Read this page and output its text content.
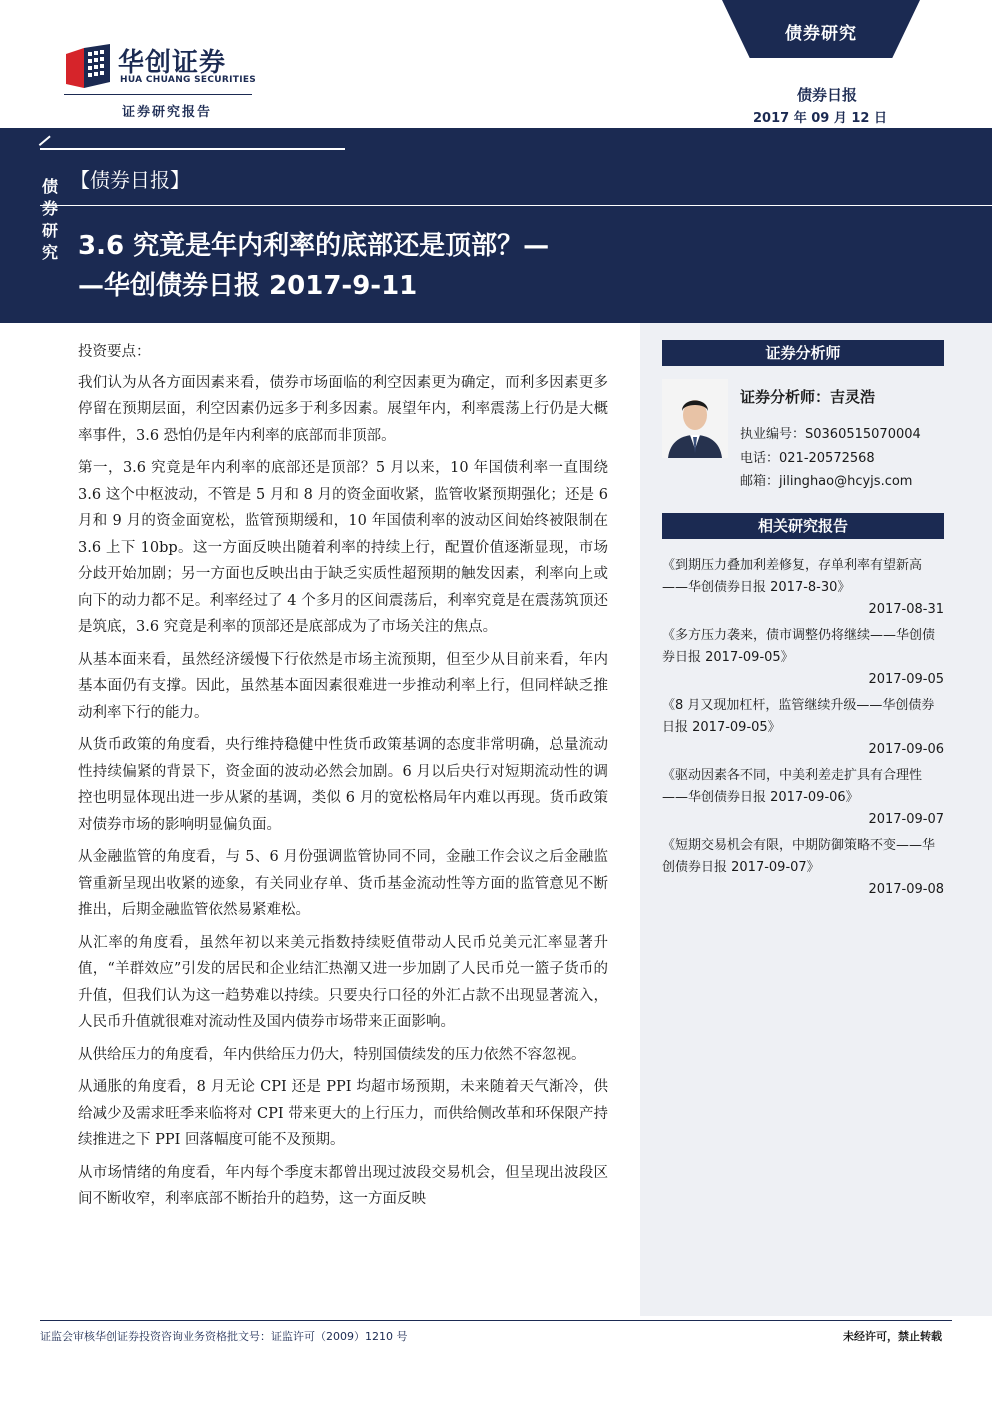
华创证券
HUA CHUANG SECURITIES
证券研究报告
债券研究
债券日报
2017 年 09 月 12 日
债券研究
【债券日报】
3.6 究竟是年内利率的底部还是顶部？—
—华创债券日报 2017-9-11
证券分析师
证券分析师：吉灵浩
执业编号：S0360515070004
电话：021-20572568
邮箱：jilinghao@hcyjs.com
相关研究报告
《到期压力叠加利差修复，存单利率有望新高——华创债券日报 2017-8-30》
2017-08-31
《多方压力袭来，债市调整仍将继续——华创债券日报 2017-09-05》
2017-09-05
《8 月又现加杠杆，监管继续升级——华创债券日报 2017-09-05》
2017-09-06
《驱动因素各不同，中美利差走扩具有合理性——华创债券日报 2017-09-06》
2017-09-07
《短期交易机会有限，中期防御策略不变——华创债券日报 2017-09-07》
2017-09-08

投资要点：

我们认为从各方面因素来看，债券市场面临的利空因素更为确定，而利多因素更多停留在预期层面，利空因素仍远多于利多因素。展望年内，利率震荡上行仍是大概率事件，3.6 恐怕仍是年内利率的底部而非顶部。

第一，3.6 究竟是年内利率的底部还是顶部？5 月以来，10 年国债利率一直围绕 3.6 这个中枢波动，不管是 5 月和 8 月的资金面收紧，监管收紧预期强化；还是 6 月和 9 月的资金面宽松，监管预期缓和，10 年国债利率的波动区间始终被限制在 3.6 上下 10bp。这一方面反映出随着利率的持续上行，配置价值逐渐显现，市场分歧开始加剧；另一方面也反映出由于缺乏实质性超预期的触发因素，利率向上或向下的动力都不足。利率经过了 4 个多月的区间震荡后，利率究竟是在震荡筑顶还是筑底，3.6 究竟是利率的顶部还是底部成为了市场关注的焦点。

从基本面来看，虽然经济缓慢下行依然是市场主流预期，但至少从目前来看，年内基本面仍有支撑。因此，虽然基本面因素很难进一步推动利率上行，但同样缺乏推动利率下行的能力。

从货币政策的角度看，央行维持稳健中性货币政策基调的态度非常明确，总量流动性持续偏紧的背景下，资金面的波动必然会加剧。6 月以后央行对短期流动性的调控也明显体现出进一步从紧的基调，类似 6 月的宽松格局年内难以再现。货币政策对债券市场的影响明显偏负面。

从金融监管的角度看，与 5、6 月份强调监管协同不同，金融工作会议之后金融监管重新呈现出收紧的迹象，有关同业存单、货币基金流动性等方面的监管意见不断推出，后期金融监管依然易紧难松。

从汇率的角度看，虽然年初以来美元指数持续贬值带动人民币兑美元汇率显著升值，“羊群效应”引发的居民和企业结汇热潮又进一步加剧了人民币兑一篮子货币的升值，但我们认为这一趋势难以持续。只要央行口径的外汇占款不出现显著流入，人民币升值就很难对流动性及国内债券市场带来正面影响。

从供给压力的角度看，年内供给压力仍大，特别国债续发的压力依然不容忽视。

从通胀的角度看，8 月无论 CPI 还是 PPI 均超市场预期，未来随着天气渐冷，供给减少及需求旺季来临将对 CPI 带来更大的上行压力，而供给侧改革和环保限产持续推进之下 PPI 回落幅度可能不及预期。

从市场情绪的角度看，年内每个季度末都曾出现过波段交易机会，但呈现出波段区间不断收窄，利率底部不断抬升的趋势，这一方面反映

证监会审核华创证券投资咨询业务资格批文号：证监许可（2009）1210 号	未经许可，禁止转载
